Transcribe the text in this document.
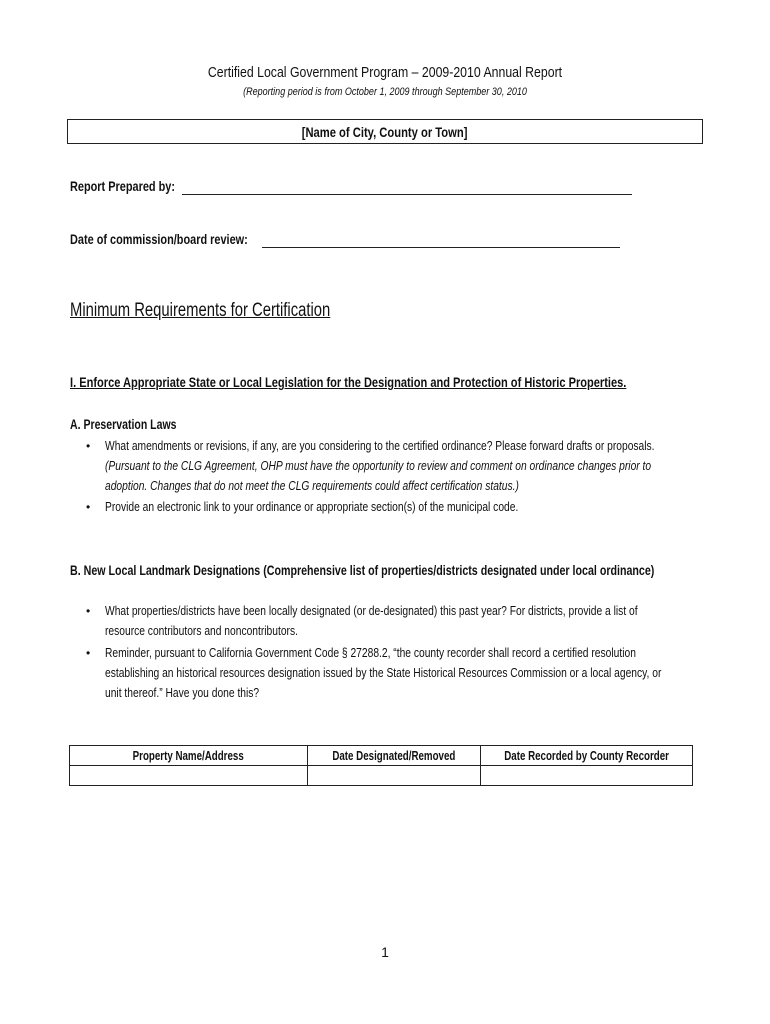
Certified Local Government Program – 2009-2010 Annual Report
(Reporting period is from October 1, 2009 through September 30, 2010
[Name of City, County or Town]
Report Prepared by:
Date of commission/board review:
Minimum Requirements for Certification
I. Enforce Appropriate State or Local Legislation for the Designation and Protection of Historic Properties.
A. Preservation Laws
• What amendments or revisions, if any, are you considering to the certified ordinance? Please forward drafts or proposals.
(Pursuant to the CLG Agreement, OHP must have the opportunity to review and comment on ordinance changes prior to
adoption. Changes that do not meet the CLG requirements could affect certification status.)
• Provide an electronic link to your ordinance or appropriate section(s) of the municipal code.
B. New Local Landmark Designations (Comprehensive list of properties/districts designated under local ordinance)
• What properties/districts have been locally designated (or de-designated) this past year? For districts, provide a list of
resource contributors and noncontributors.
• Reminder, pursuant to California Government Code § 27288.2, “the county recorder shall record a certified resolution
establishing an historical resources designation issued by the State Historical Resources Commission or a local agency, or
unit thereof.” Have you done this?
Property Name/Address	Date Designated/Removed	Date Recorded by County Recorder

1
